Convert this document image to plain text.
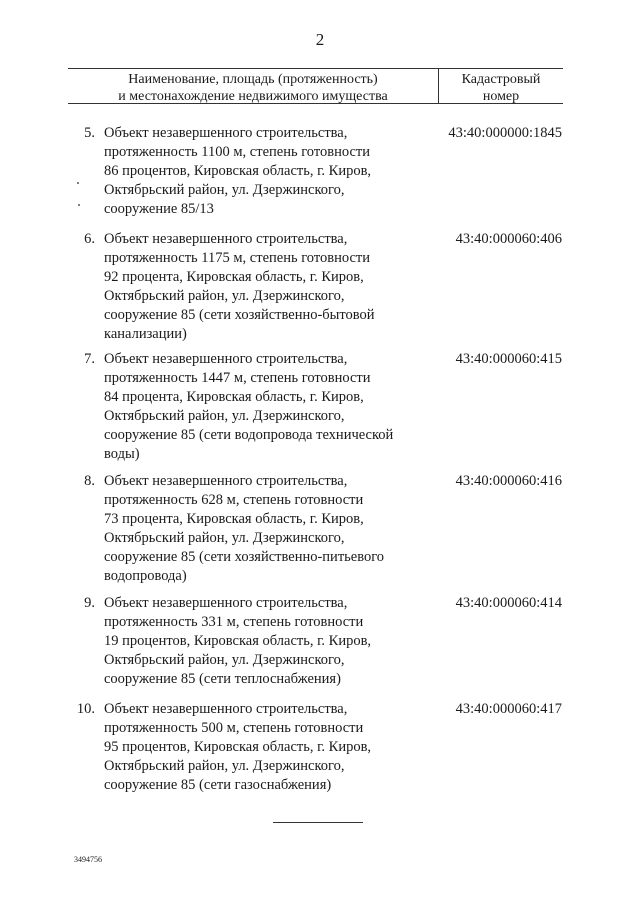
2
Наименование, площадь (протяженность)
и местонахождение недвижимого имущества
Кадастровый
номер
5. Объект незавершенного строительства,
протяженность 1100 м, степень готовности
86 процентов, Кировская область, г. Киров,
Октябрьский район, ул. Дзержинского,
сооружение 85/13
43:40:000000:1845
6. Объект незавершенного строительства,
протяженность 1175 м, степень готовности
92 процента, Кировская область, г. Киров,
Октябрьский район, ул. Дзержинского,
сооружение 85 (сети хозяйственно-бытовой
канализации)
43:40:000060:406
7. Объект незавершенного строительства,
протяженность 1447 м, степень готовности
84 процента, Кировская область, г. Киров,
Октябрьский район, ул. Дзержинского,
сооружение 85 (сети водопровода технической
воды)
43:40:000060:415
8. Объект незавершенного строительства,
протяженность 628 м, степень готовности
73 процента, Кировская область, г. Киров,
Октябрьский район, ул. Дзержинского,
сооружение 85 (сети хозяйственно-питьевого
водопровода)
43:40:000060:416
9. Объект незавершенного строительства,
протяженность 331 м, степень готовности
19 процентов, Кировская область, г. Киров,
Октябрьский район, ул. Дзержинского,
сооружение 85 (сети теплоснабжения)
43:40:000060:414
10. Объект незавершенного строительства,
протяженность 500 м, степень готовности
95 процентов, Кировская область, г. Киров,
Октябрьский район, ул. Дзержинского,
сооружение 85 (сети газоснабжения)
43:40:000060:417
3494756
